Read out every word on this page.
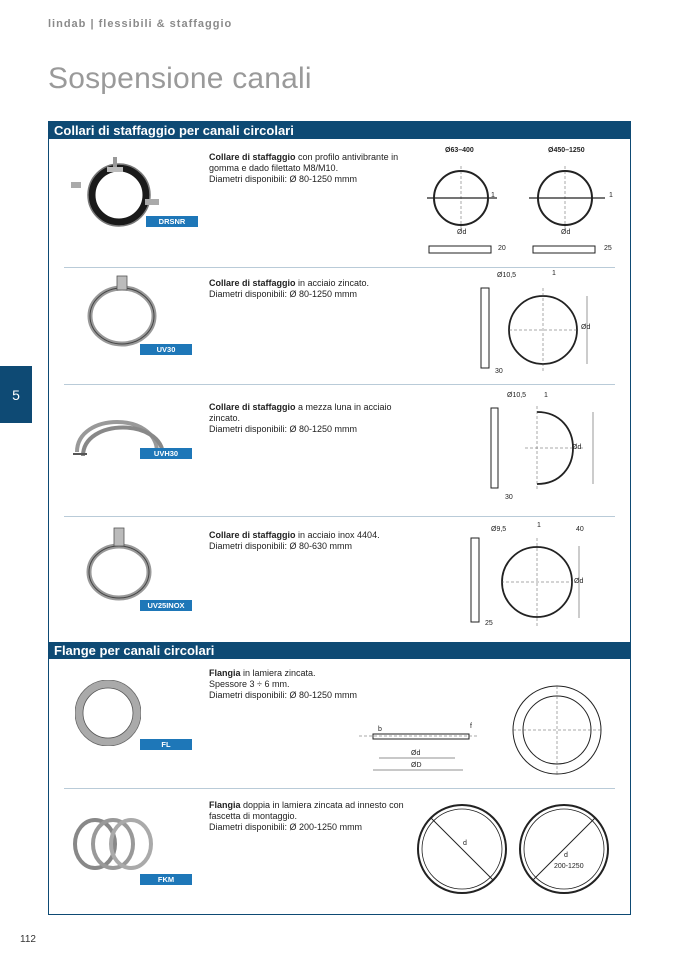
lindab | flessibili & staffaggio
Sospensione canali
5
112
Collari di staffaggio per canali circolari
DRSNR
Collare di staffaggio con profilo antivibrante in gomma e dado filettato M8/M10.
Diametri disponibili: Ø 80-1250 mmm
Ø63–400	Ø450–1250
Ød	Ød
1	1
20	25
UV30
Collare di staffaggio in acciaio zincato.
Diametri disponibili: Ø 80-1250 mmm
Ø10,5	1
Ød
30
UVH30
Collare di staffaggio a mezza luna in acciaio zincato.
Diametri disponibili: Ø 80-1250 mmm
Ø10,5	1
Ød
30
UV25INOX
Collare di staffaggio in acciaio inox 4404.
Diametri disponibili: Ø 80-630 mmm
Ø9,5
1
40
Ød
25
Flange per canali circolari
FL
Flangia in lamiera zincata.
Spessore 3 ÷ 6 mm.
Diametri disponibili: Ø 80-1250 mmm
b	f
Ød
ØD
FKM
Flangia doppia in lamiera zincata ad innesto con fascetta di montaggio.
Diametri disponibili: Ø 200-1250 mmm
d
d
200-1250
